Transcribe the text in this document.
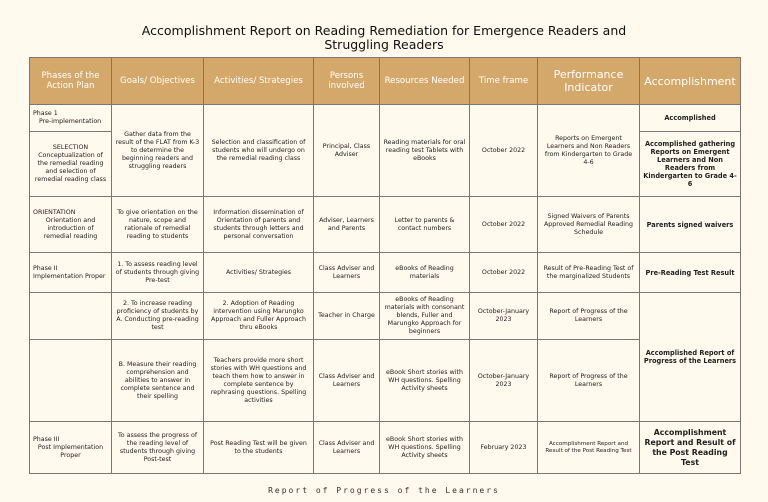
Accomplishment Report on Reading Remediation for Emergence Readers and
Struggling Readers
Phases of the Action Plan	Goals/ Objectives	Activities/ Strategies	Persons involved	Resources Needed	Time frame	Performance Indicator	Accomplishment

Phase 1
Pre-implementation	Gather data from the result of the FLAT from K-3 to determine the beginning readers and struggling readers	Selection and classification of students who will undergo on the remedial reading class	Principal, Class Adviser	Reading materials for oral reading test Tablets with eBooks	October 2022	Reports on Emergent Learners and Non Readers from Kindergarten to Grade 4-6	Accomplished

SELECTION
Conceptualization of the remedial reading and selection of remedial reading class							Accomplished gathering Reports on Emergent Learners and Non Readers from Kindergarten to Grade 4-6

ORIENTATION
Orientation and introduction of remedial reading	To give orientation on the nature, scope and rationale of remedial reading to students	Information dissemination of Orientation of parents and students through letters and personal conversation	Adviser, Learners and Parents	Letter to parents & contact numbers	October 2022	Signed Waivers of Parents Approved Remedial Reading Schedule	Parents signed waivers

Phase II
Implementation Proper	1. To assess reading level of students through giving Pre-test	Activities/ Strategies	Class Adviser and Learners	eBooks of Reading materials	October 2022	Result of Pre-Reading Test of the marginalized Students	Pre-Reading Test Result
	2. To increase reading proficiency of students by A. Conducting pre-reading test	2. Adoption of Reading intervention using Marungko Approach and Fuller Approach thru eBooks	Teacher in Charge	eBooks of Reading materials with consonant blends, Fuller and Marungko Approach for beginners	October-January 2023	Report of Progress of the Learners	Accomplished Report of Progress of the Learners
	B. Measure their reading comprehension and abilities to answer in complete sentence and their spelling	Teachers provide more short stories with WH questions and teach them how to answer in complete sentence by rephrasing questions. Spelling activities	Class Adviser and Learners	eBook Short stories with WH questions. Spelling Activity sheets	October-January 2023	Report of Progress of the Learners	

Phase III
Post Implementation Proper	To assess the progress of the reading level of students through giving Post-test	Post Reading Test will be given to the students	Class Adviser and Learners	eBook Short stories with WH questions. Spelling Activity sheets	February 2023	Accomplishment Report and Result of the Post Reading Test	Accomplishment Report and Result of the Post Reading Test
Report of Progress of the Learners
